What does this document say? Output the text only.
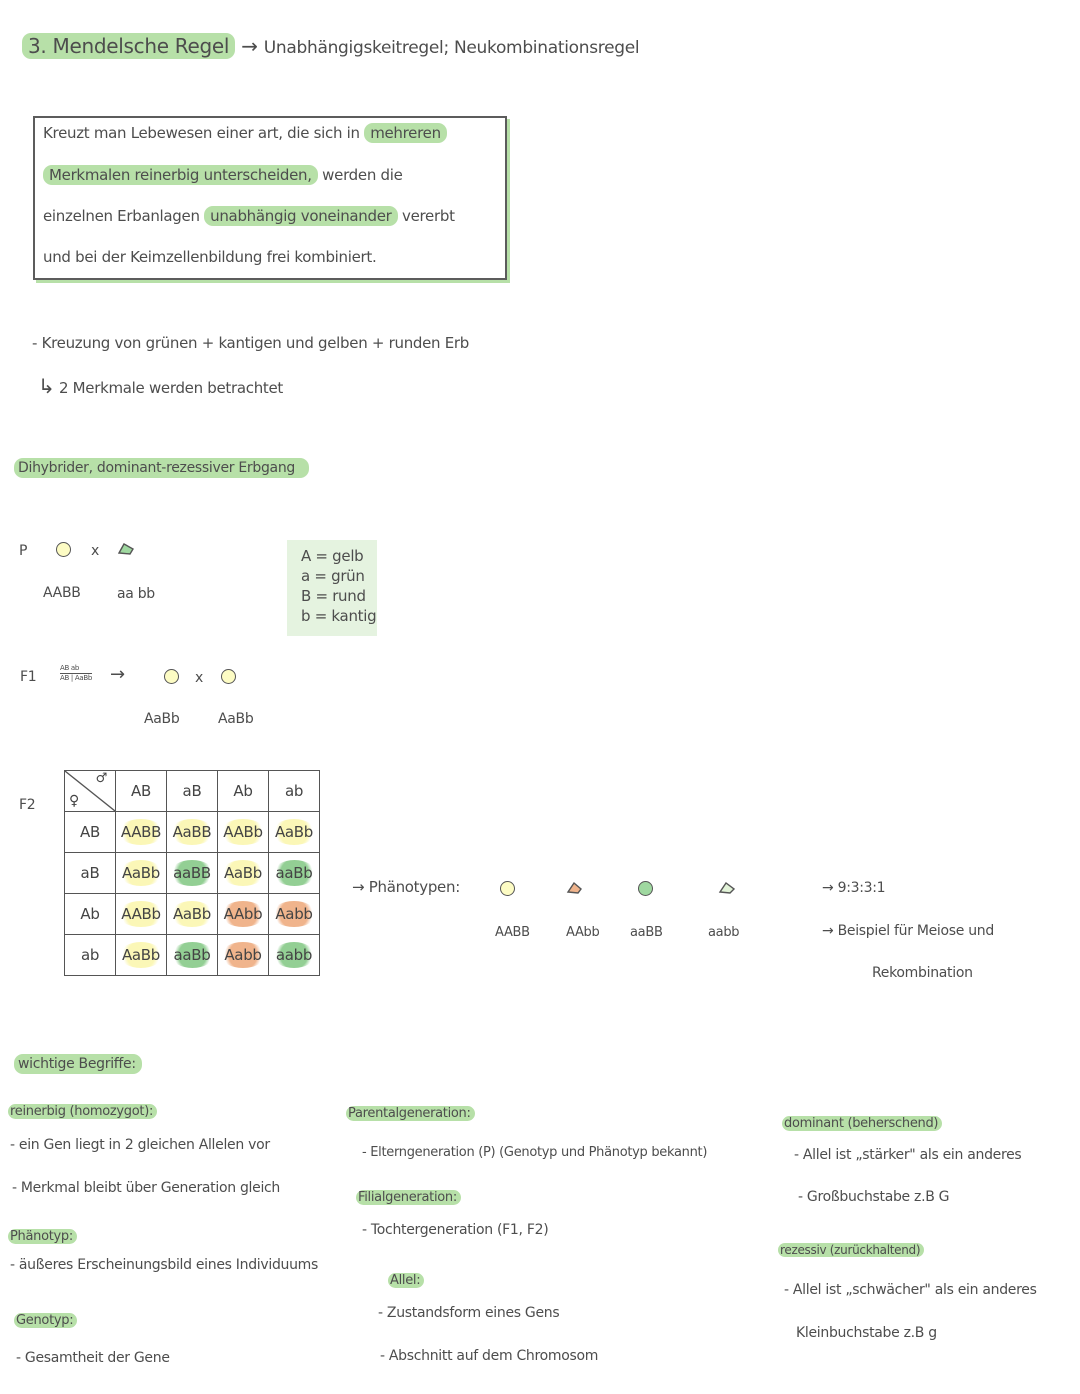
3. Mendelsche Regel → Unabhängigskeitregel; Neukombinationsregel
Kreuzt man Lebewesen einer art, die sich in mehreren
Merkmalen reinerbig unterscheiden, werden die
einzelnen Erbanlagen unabhängig voneinander vererbt
und bei der Keimzellenbildung frei kombiniert.
- Kreuzung von grünen + kantigen und gelben + runden Erb
↳ 2 Merkmale werden betrachtet
Dihybrider, dominant-rezessiver Erbgang
P	x
AABB	aa bb
A = gelb
a = grün
B = rund
b = kantig
F1
AB ab
AB | AaBb →	x
AaBb	AaBb
F2
♂
♀	AB	aB	Ab	ab
AB	AABB	AaBB	AABb	AaBb
aB	AaBb	aaBB	AaBb	aaBb
Ab	AABb	AaBb	AAbb	Aabb
ab	AaBb	aaBb	Aabb	aabb
→ Phänotypen:
AABB	AAbb aaBB	aabb
→ 9:3:3:1
→ Beispiel für Meiose und
Rekombination
wichtige Begriffe:
reinerbig (homozygot):
- ein Gen liegt in 2 gleichen Allelen vor
- Merkmal bleibt über Generation gleich
Phänotyp:
- äußeres Erscheinungsbild eines Individuums
Genotyp:
- Gesamtheit der Gene
Parentalgeneration:
- Elterngeneration (P) (Genotyp und Phänotyp bekannt)
Filialgeneration:
- Tochtergeneration (F1, F2)
Allel:
- Zustandsform eines Gens
- Abschnitt auf dem Chromosom
dominant (beherschend)
- Allel ist „stärker" als ein anderes
- Großbuchstabe z.B G
rezessiv (zurückhaltend)
- Allel ist „schwächer" als ein anderes
Kleinbuchstabe z.B g
